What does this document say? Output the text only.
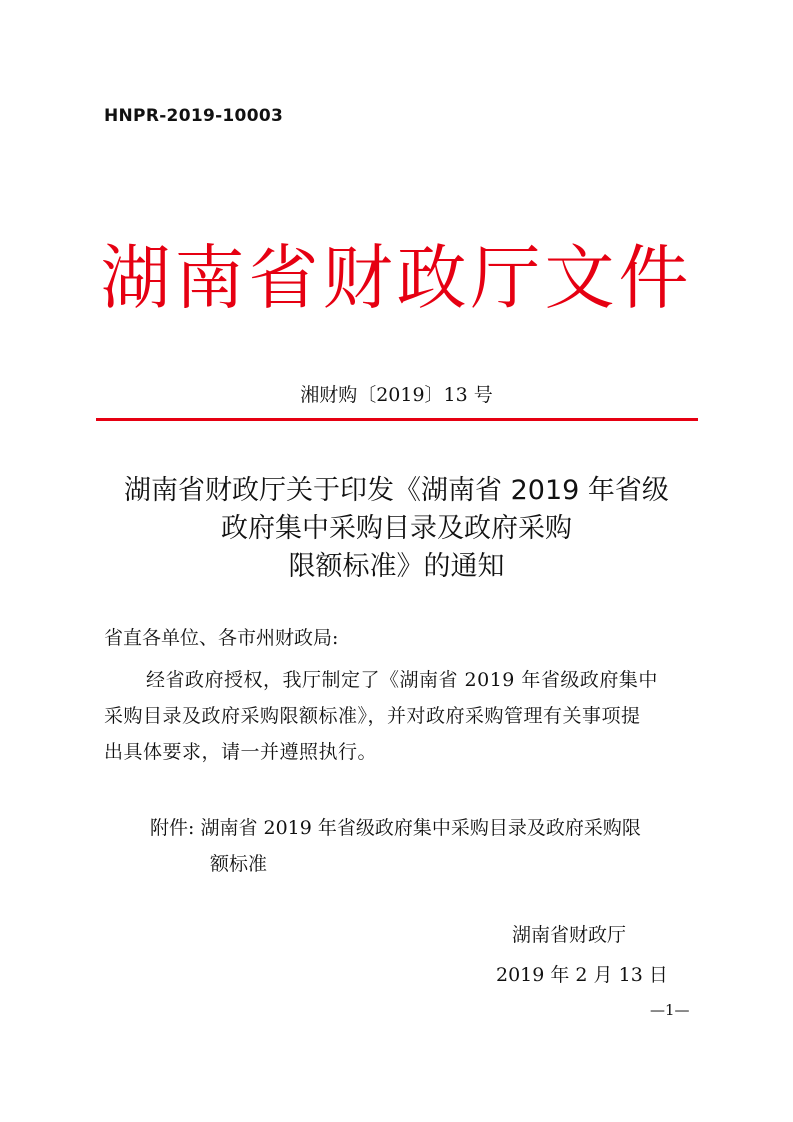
HNPR-2019-10003
湖南省财政厅文件
湘财购〔2019〕13 号
湖南省财政厅关于印发《湖南省 2019 年省级
政府集中采购目录及政府采购
限额标准》的通知
省直各单位、各市州财政局:
经省政府授权，我厅制定了《湖南省 2019 年省级政府集中
采购目录及政府采购限额标准》，并对政府采购管理有关事项提
出具体要求，请一并遵照执行。
附件: 湖南省 2019 年省级政府集中采购目录及政府采购限
额标准
湖南省财政厅
2019 年 2 月 13 日
—1—
